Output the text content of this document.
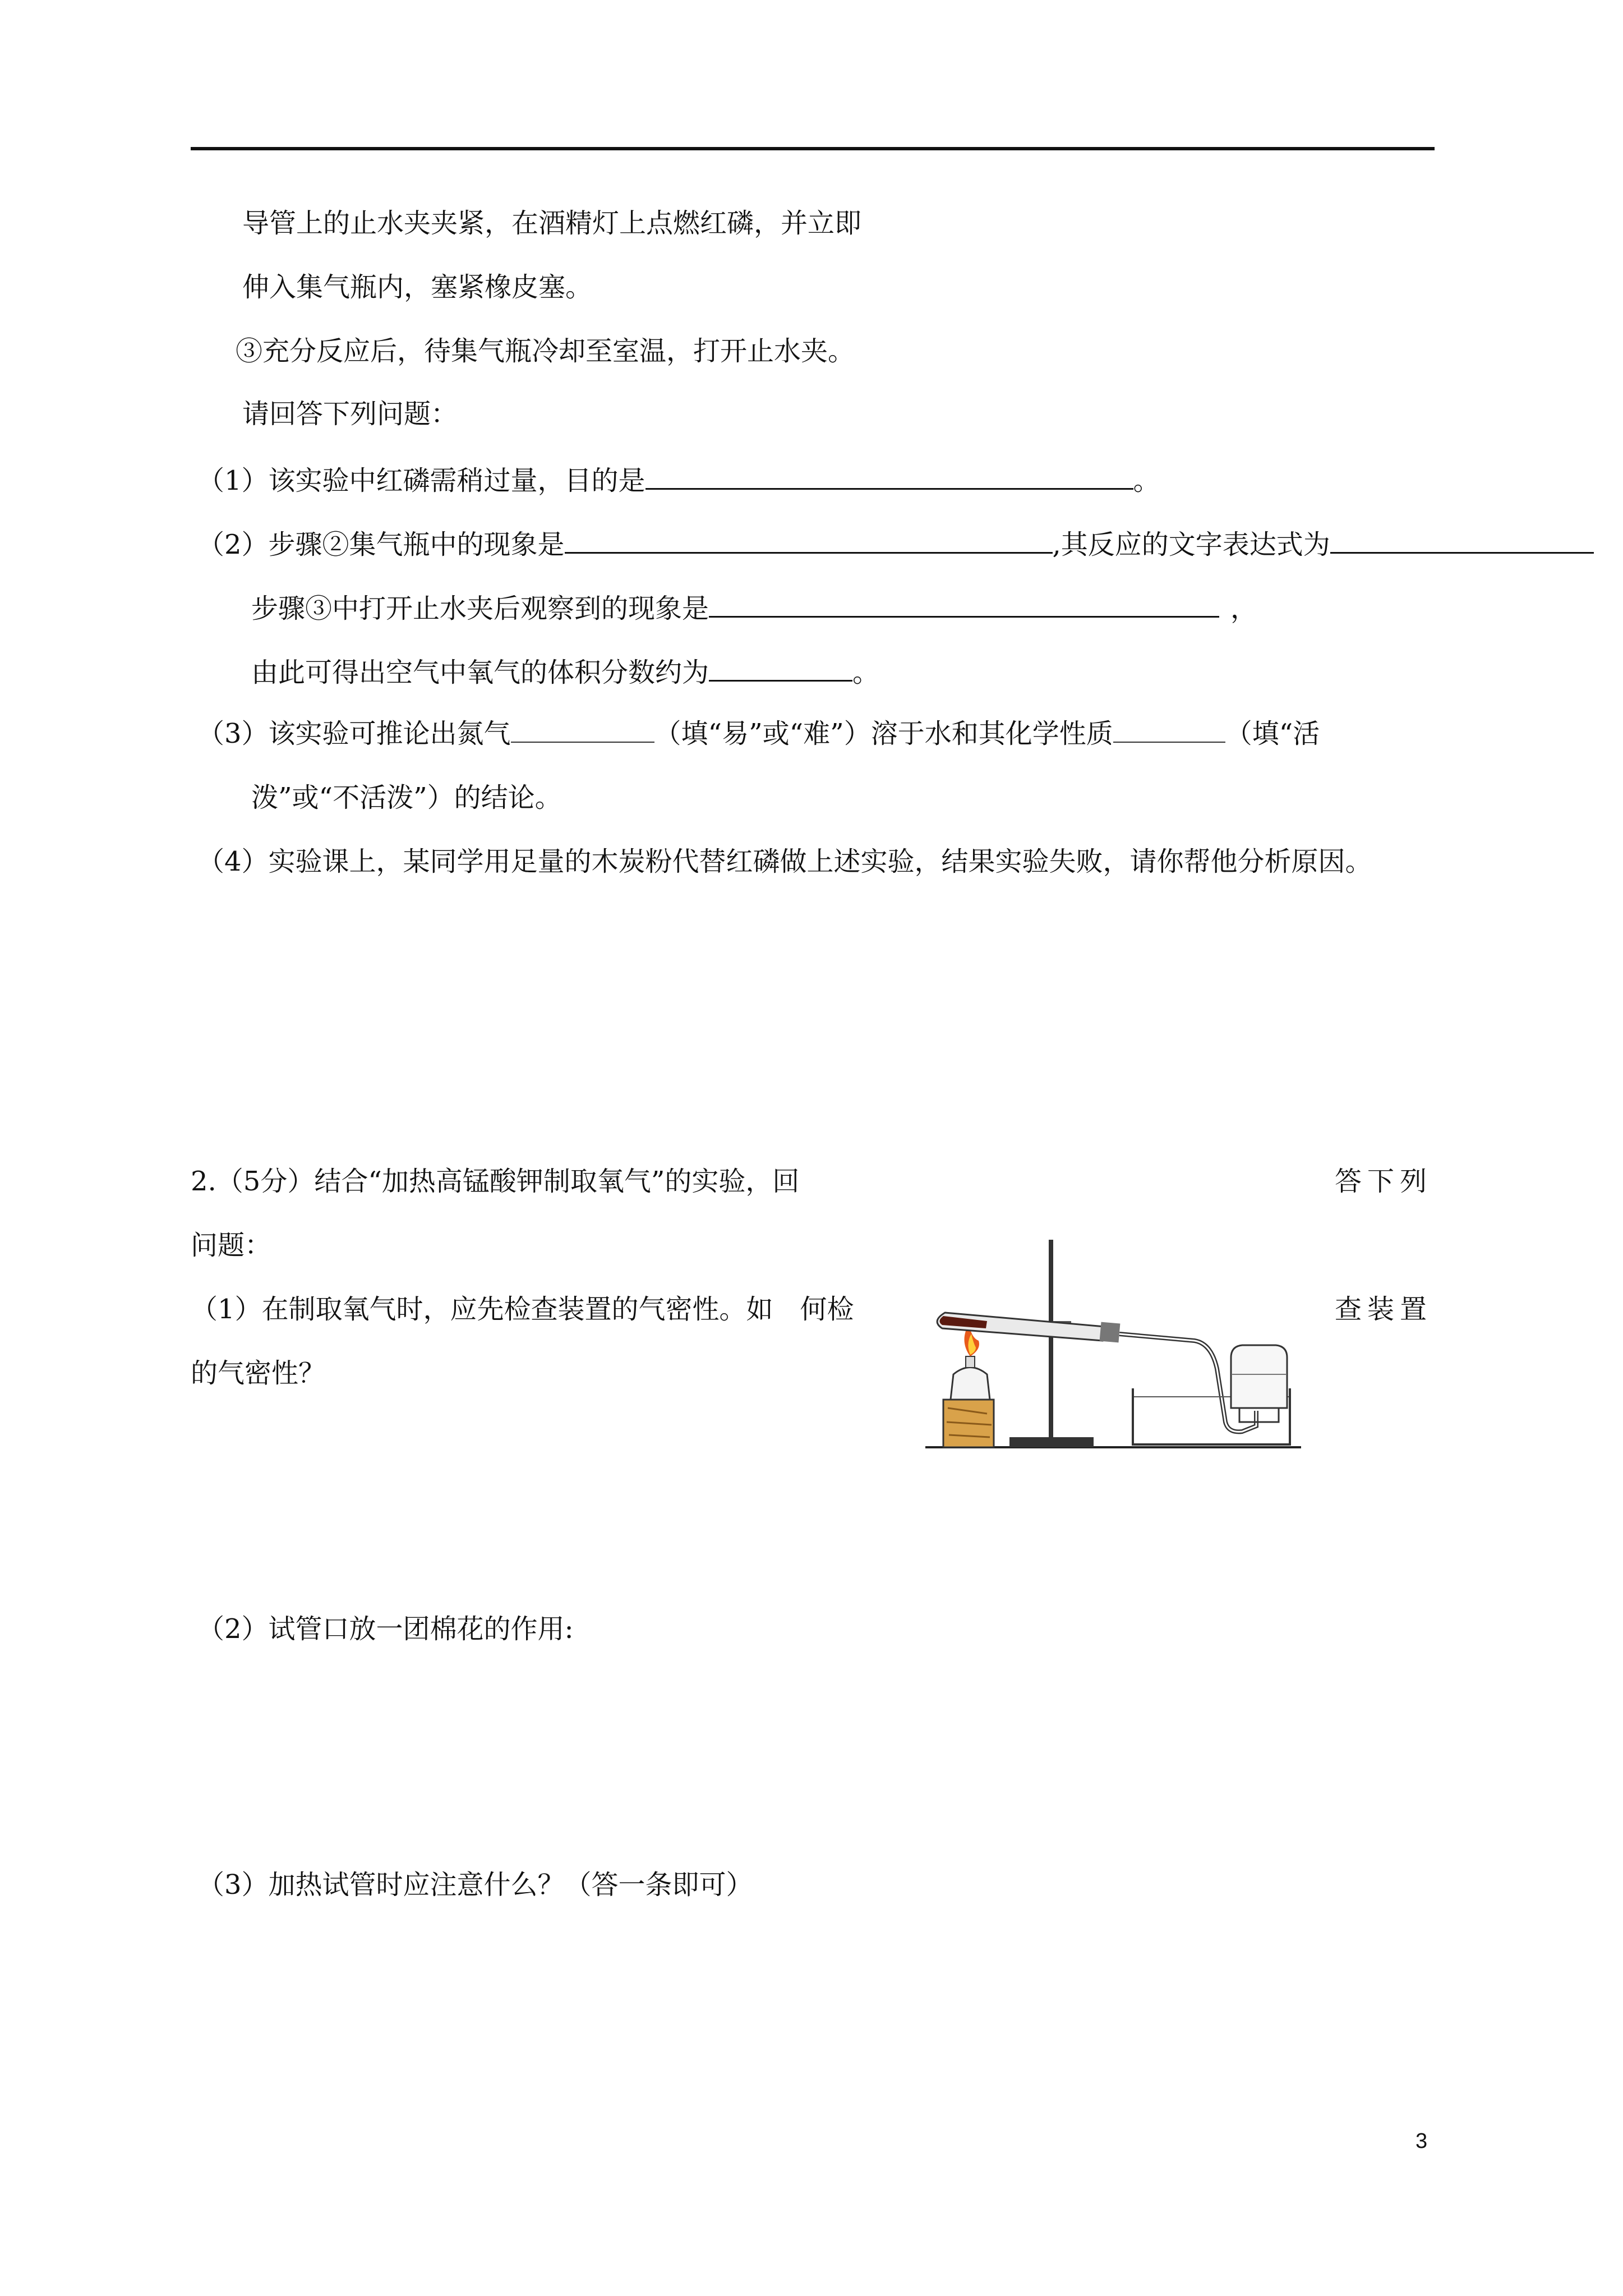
导管上的止水夹夹紧，在酒精灯上点燃红磷，并立即
伸入集气瓶内，塞紧橡皮塞。
③充分反应后，待集气瓶冷却至室温，打开止水夹。
请回答下列问题：
（1）该实验中红磷需稍过量，目的是	。
（2）步骤②集气瓶中的现象是	,其反应的文字表达式为
步骤③中打开止水夹后观察到的现象是	，
由此可得出空气中氧气的体积分数约为	。
（3）该实验可推论出氮气	（填“易”或“难”）溶于水和其化学性质	（填“活
泼”或“不活泼”）的结论。
（4）实验课上，某同学用足量的木炭粉代替红磷做上述实验，结果实验失败，请你帮他分析原因。
2.（5分）结合“加热高锰酸钾制取氧气”的实验，回	答下列
问题：
（1）在制取氧气时，应先检查装置的气密性。如　何检	查装置
的气密性？
（2）试管口放一团棉花的作用:
（3）加热试管时应注意什么？（答一条即可）
3
